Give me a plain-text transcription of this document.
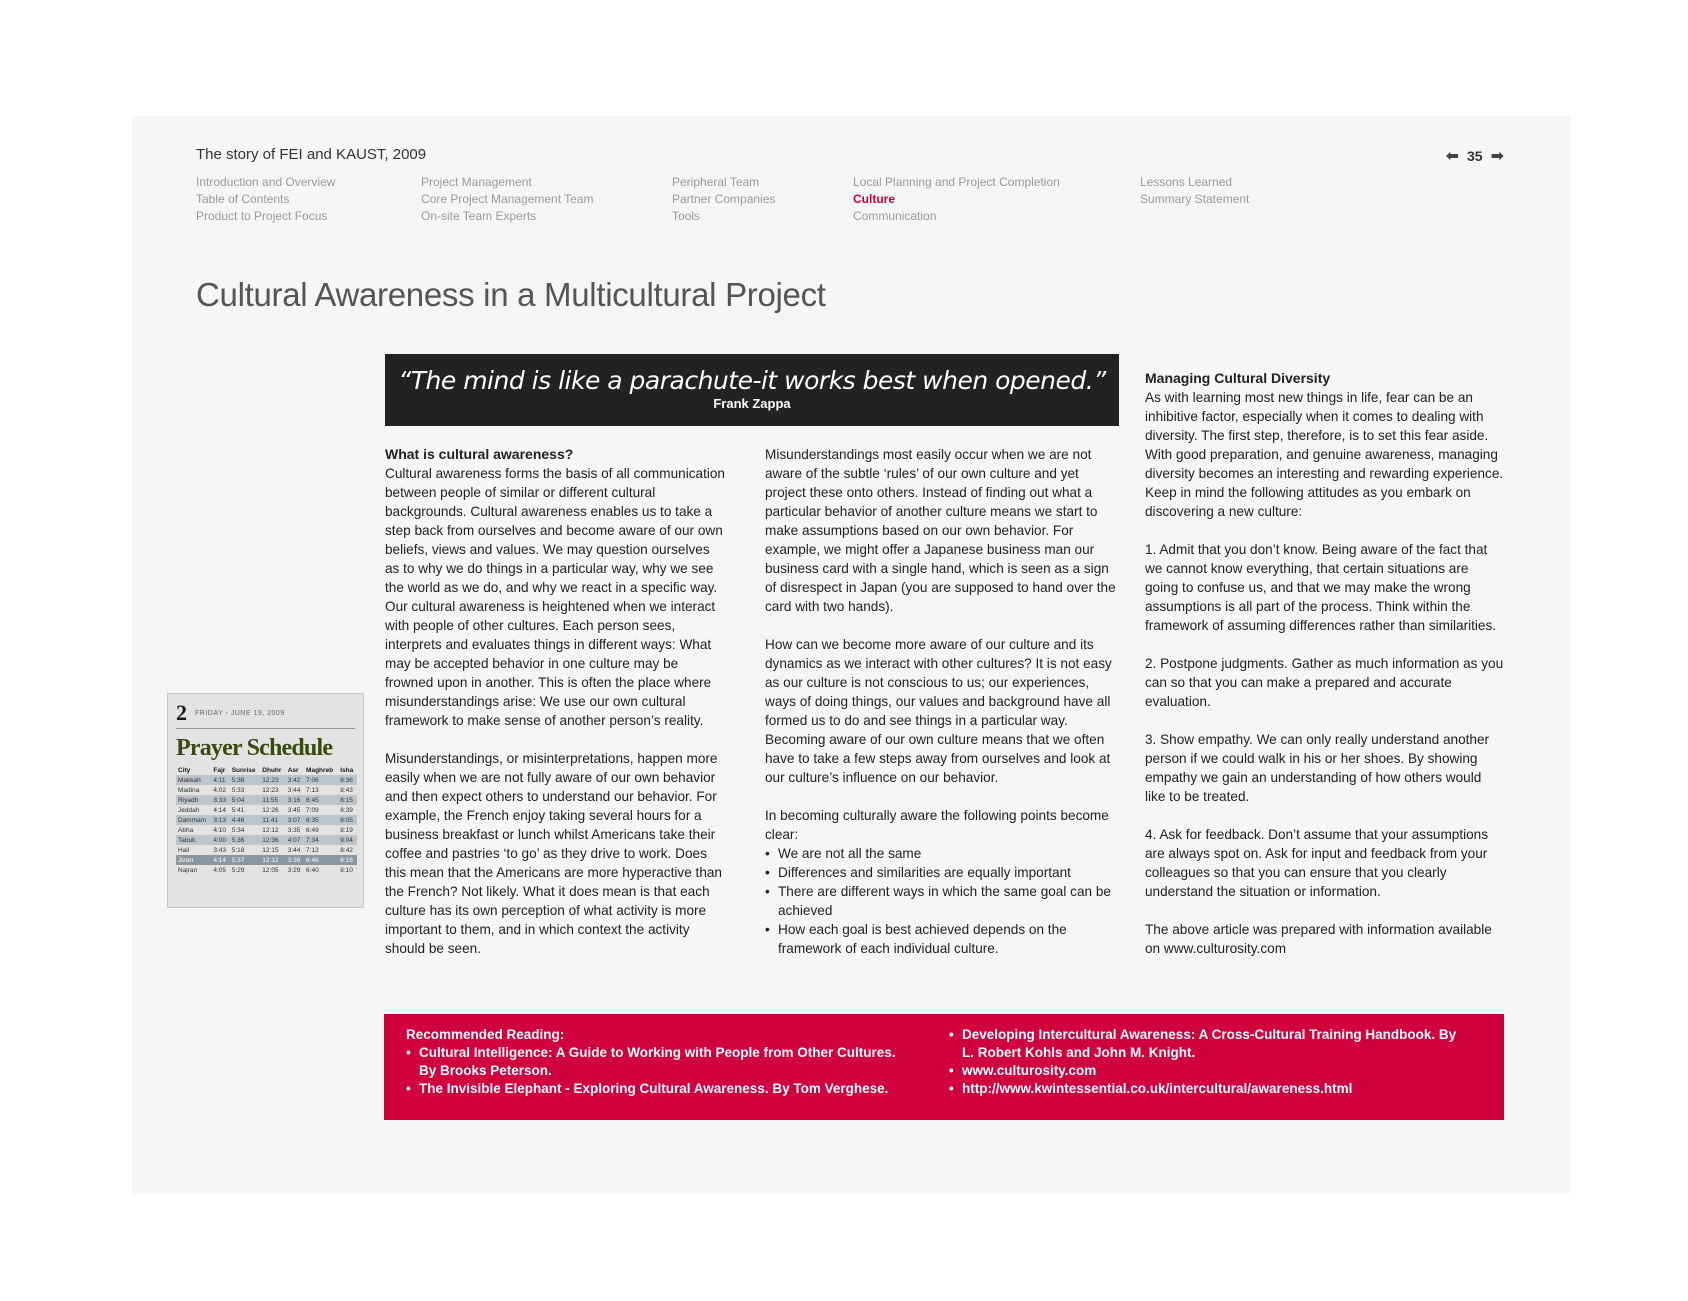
The story of FEI and KAUST, 2009	⬅ 35 ➡
Introduction and Overview
Table of Contents
Product to Project Focus
Project Management
Core Project Management Team
On-site Team Experts
Peripheral Team
Partner Companies
Tools
Local Planning and Project Completion
Culture
Communication
Lessons Learned
Summary Statement
Cultural Awareness in a Multicultural Project
“The mind is like a parachute-it works best when opened.”
Frank Zappa
2 FRIDAY - JUNE 19, 2009
Prayer Schedule
City	Fajr	Sunrise	Dhuhr	Asr	Maghreb	Isha
Makkah	4:11	5:38	12:23	3:42	7:06	8:36
Madina	4:02	5:33	12:23	3:44	7:13	8:43
Riyadh	3:33	5:04	11:55	3:16	6:45	8:15
Jeddah	4:14	5:41	12:26	3:45	7:09	8:39
Dammam	3:13	4:46	11:41	3:07	6:35	8:05
Abha	4:10	5:34	12:12	3:35	6:49	8:19
Tabuk	4:00	5:36	12:36	4:07	7:34	9:04
Hail	3:43	5:18	12:15	3:44	7:12	8:42
Jizan	4:14	5:37	12:12	3:36	6:46	8:16
Najran	4:05	5:29	12:05	3:29	6:40	8:10
What is cultural awareness?

Cultural awareness forms the basis of all communication between people of similar or different cultural backgrounds. Cultural awareness enables us to take a step back from ourselves and become aware of our own beliefs, views and values. We may question ourselves as to why we do things in a particular way, why we see the world as we do, and why we react in a specific way. Our cultural awareness is heightened when we interact with people of other cultures. Each person sees, interprets and evaluates things in different ways: What may be accepted behavior in one culture may be frowned upon in another. This is often the place where misunderstandings arise: We use our own cultural framework to make sense of another person’s reality.

Misunderstandings, or misinterpretations, happen more easily when we are not fully aware of our own behavior and then expect others to understand our behavior. For example, the French enjoy taking several hours for a business breakfast or lunch whilst Americans take their coffee and pastries ‘to go’ as they drive to work. Does this mean that the Americans are more hyperactive than the French? Not likely. What it does mean is that each culture has its own perception of what activity is more important to them, and in which context the activity should be seen.

Misunderstandings most easily occur when we are not aware of the subtle ‘rules’ of our own culture and yet project these onto others. Instead of finding out what a particular behavior of another culture means we start to make assumptions based on our own behavior. For example, we might offer a Japanese business man our business card with a single hand, which is seen as a sign of disrespect in Japan (you are supposed to hand over the card with two hands).

How can we become more aware of our culture and its dynamics as we interact with other cultures? It is not easy as our culture is not conscious to us; our experiences, ways of doing things, our values and background have all formed us to do and see things in a particular way. Becoming aware of our own culture means that we often have to take a few steps away from ourselves and look at our culture’s influence on our behavior.

In becoming culturally aware the following points become clear:

• We are not all the same
• Differences and similarities are equally important
• There are different ways in which the same goal can be achieved
• How each goal is best achieved depends on the framework of each individual culture.
Managing Cultural Diversity

As with learning most new things in life, fear can be an inhibitive factor, especially when it comes to dealing with diversity. The first step, therefore, is to set this fear aside. With good preparation, and genuine awareness, managing diversity becomes an interesting and rewarding experience. Keep in mind the following attitudes as you embark on discovering a new culture:

1. Admit that you don’t know. Being aware of the fact that we cannot know everything, that certain situations are going to confuse us, and that we may make the wrong assumptions is all part of the process. Think within the framework of assuming differences rather than similarities.

2. Postpone judgments. Gather as much information as you can so that you can make a prepared and accurate evaluation.

3. Show empathy. We can only really understand another person if we could walk in his or her shoes. By showing empathy we gain an understanding of how others would like to be treated.

4. Ask for feedback. Don’t assume that your assumptions are always spot on. Ask for input and feedback from your colleagues so that you can ensure that you clearly understand the situation or information.

The above article was prepared with information available on www.culturosity.com

Recommended Reading:
• Cultural Intelligence: A Guide to Working with People from Other Cultures. By Brooks Peterson.
• The Invisible Elephant - Exploring Cultural Awareness. By Tom Verghese.
• Developing Intercultural Awareness: A Cross-Cultural Training Handbook. By L. Robert Kohls and John M. Knight.
• www.culturosity.com
• http://www.kwintessential.co.uk/intercultural/awareness.html
